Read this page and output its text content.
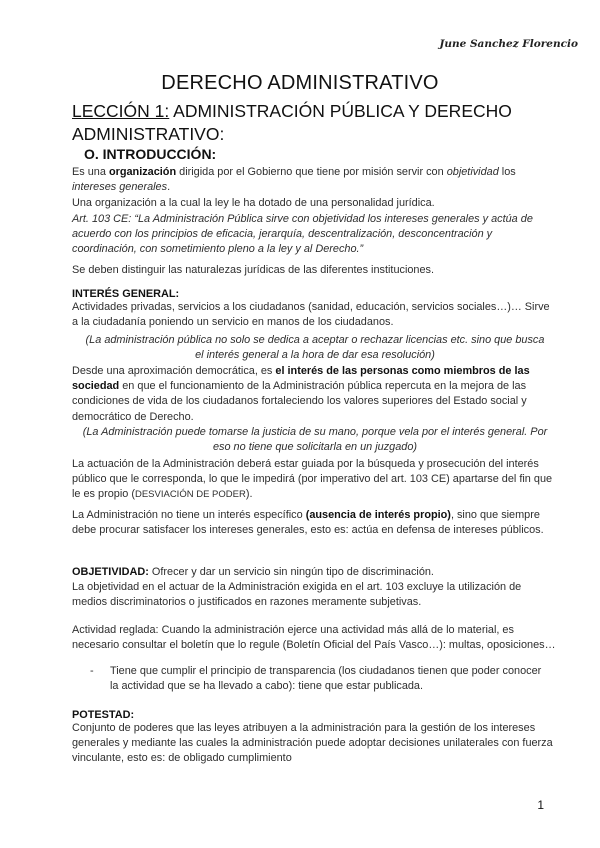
June Sanchez Florencio
DERECHO ADMINISTRATIVO
LECCIÓN 1: ADMINISTRACIÓN PÚBLICA Y DERECHO ADMINISTRATIVO:
O. INTRODUCCIÓN:
Es una organización dirigida por el Gobierno que tiene por misión servir con objetividad los intereses generales.
Una organización a la cual la ley le ha dotado de una personalidad jurídica.
Art. 103 CE: “La Administración Pública sirve con objetividad los intereses generales y actúa de acuerdo con los principios de eficacia, jerarquía, descentralización, desconcentración y coordinación, con sometimiento pleno a la ley y al Derecho.”
Se deben distinguir las naturalezas jurídicas de las diferentes instituciones.
INTERÉS GENERAL:
Actividades privadas, servicios a los ciudadanos (sanidad, educación, servicios sociales…)… Sirve a la ciudadanía poniendo un servicio en manos de los ciudadanos.
(La administración pública no solo se dedica a aceptar o rechazar licencias etc. sino que busca el interés general a la hora de dar esa resolución)
Desde una aproximación democrática, es el interés de las personas como miembros de las sociedad en que el funcionamiento de la Administración pública repercuta en la mejora de las condiciones de vida de los ciudadanos fortaleciendo los valores superiores del Estado social y democrático de Derecho.
(La Administración puede tomarse la justicia de su mano, porque vela por el interés general. Por eso no tiene que solicitarla en un juzgado)
La actuación de la Administración deberá estar guiada por la búsqueda y prosecución del interés público que le corresponda, lo que le impedirá (por imperativo del art. 103 CE) apartarse del fin que le es propio (DESVIACIÓN DE PODER).
La Administración no tiene un interés específico (ausencia de interés propio), sino que siempre debe procurar satisfacer los intereses generales, esto es: actúa en defensa de intereses públicos.
OBJETIVIDAD: Ofrecer y dar un servicio sin ningún tipo de discriminación.
La objetividad en el actuar de la Administración exigida en el art. 103 excluye la utilización de medios discriminatorios o justificados en razones meramente subjetivas.
Actividad reglada: Cuando la administración ejerce una actividad más allá de lo material, es necesario consultar el boletín que lo regule (Boletín Oficial del País Vasco…): multas, oposiciones…
- Tiene que cumplir el principio de transparencia (los ciudadanos tienen que poder conocer la actividad que se ha llevado a cabo): tiene que estar publicada.
POTESTAD:
Conjunto de poderes que las leyes atribuyen a la administración para la gestión de los intereses generales y mediante las cuales la administración puede adoptar decisiones unilaterales con fuerza vinculante, esto es: de obligado cumplimiento
1
